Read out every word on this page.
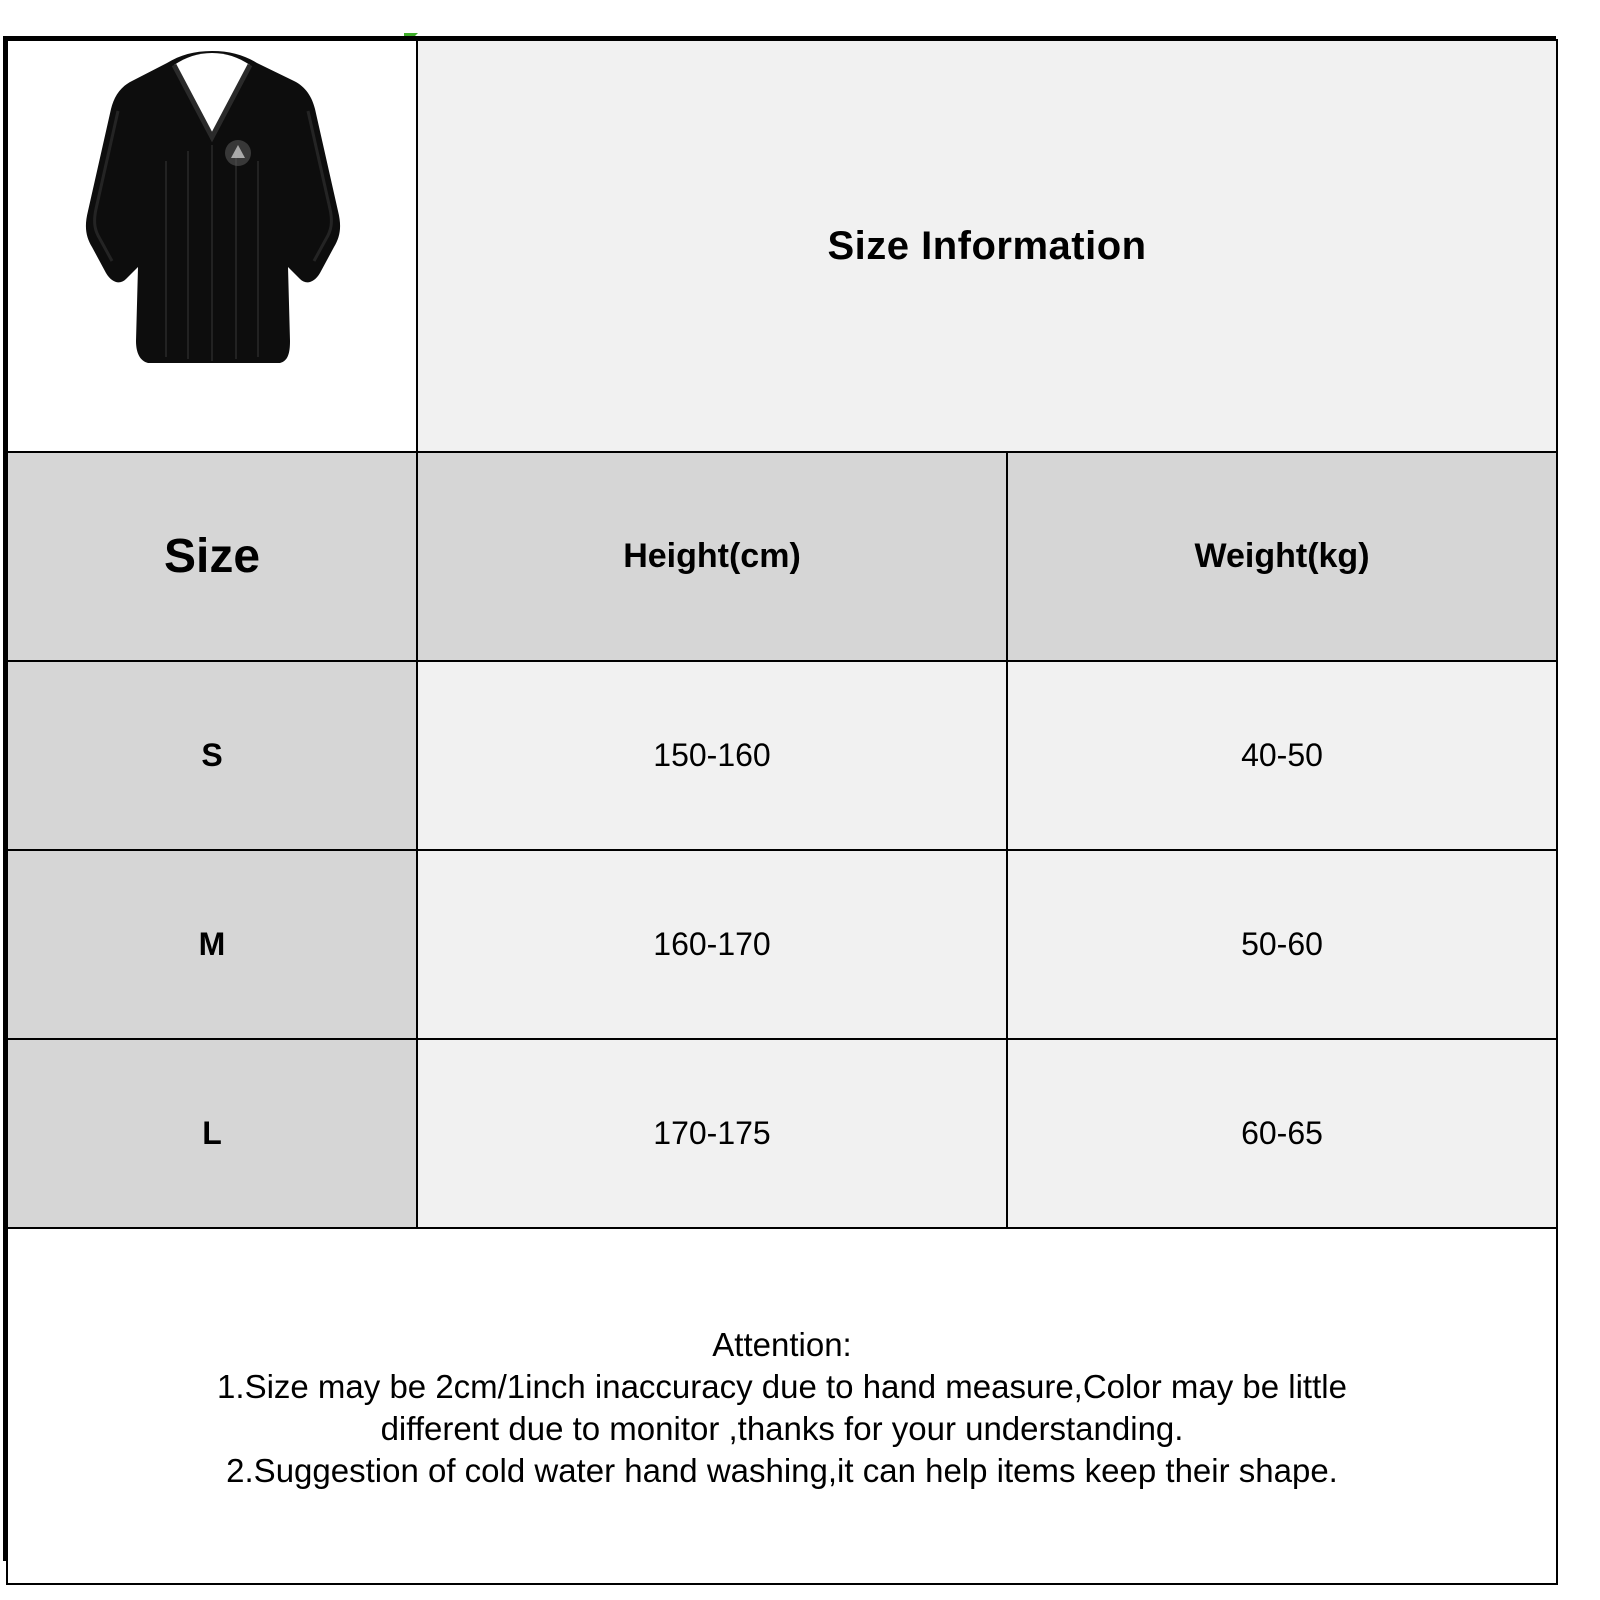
	Size Information	
Size	Height(cm)	Weight(kg)
S	150-160	40-50
M	160-170	50-60
L	170-175	60-65

Attention:
1.Size may be 2cm/1inch inaccuracy due to hand measure,Color may be little
different due to monitor ,thanks for your understanding.
2.Suggestion of cold water hand washing,it can help items keep their shape.		
